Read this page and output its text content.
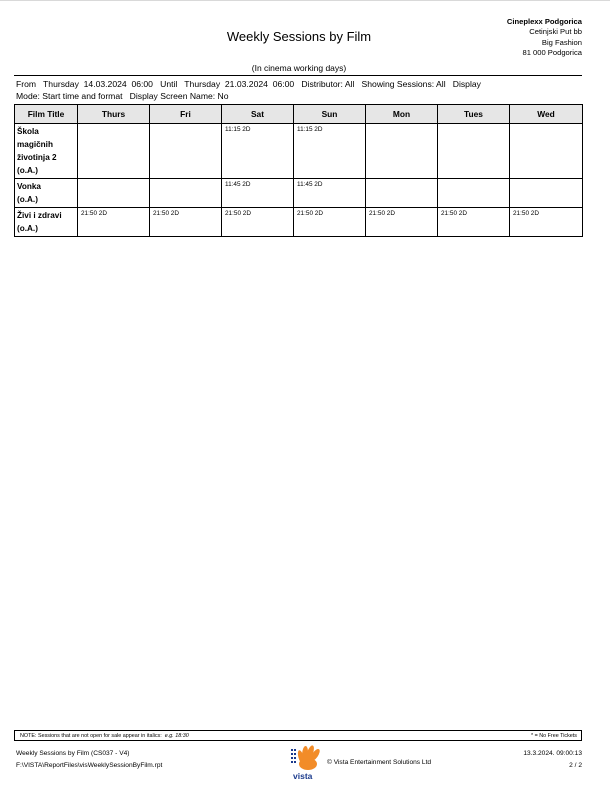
Weekly Sessions by Film
(In cinema working days)
Cineplexx Podgorica
Cetinjski Put bb
Big Fashion
81 000 Podgorica
From   Thursday  14.03.2024  06:00   Until   Thursday  21.03.2024  06:00   Distributor: All   Showing Sessions: All   Display
Mode: Start time and format   Display Screen Name: No
Film Title	Thurs	Fri	Sat	Sun	Mon	Tues	Wed

Škola
magičnih
životinja 2
(o.A.)			11:15 2D	11:15 2D			

Vonka
(o.A.)			11:45 2D	11:45 2D			

Živi i zdravi
(o.A.)	21:50 2D	21:50 2D	21:50 2D	21:50 2D	21:50 2D	21:50 2D	21:50 2D
NOTE: Sessions that are not open for sale appear in italics: e.g. 18:30	* = No Free Tickets
Weekly Sessions by Film (CS037 - V4)
F:\VISTA\ReportFiles\visWeeklySessionByFilm.rpt
vista
© Vista Entertainment Solutions Ltd
13.3.2024. 09:00:13
2 / 2
